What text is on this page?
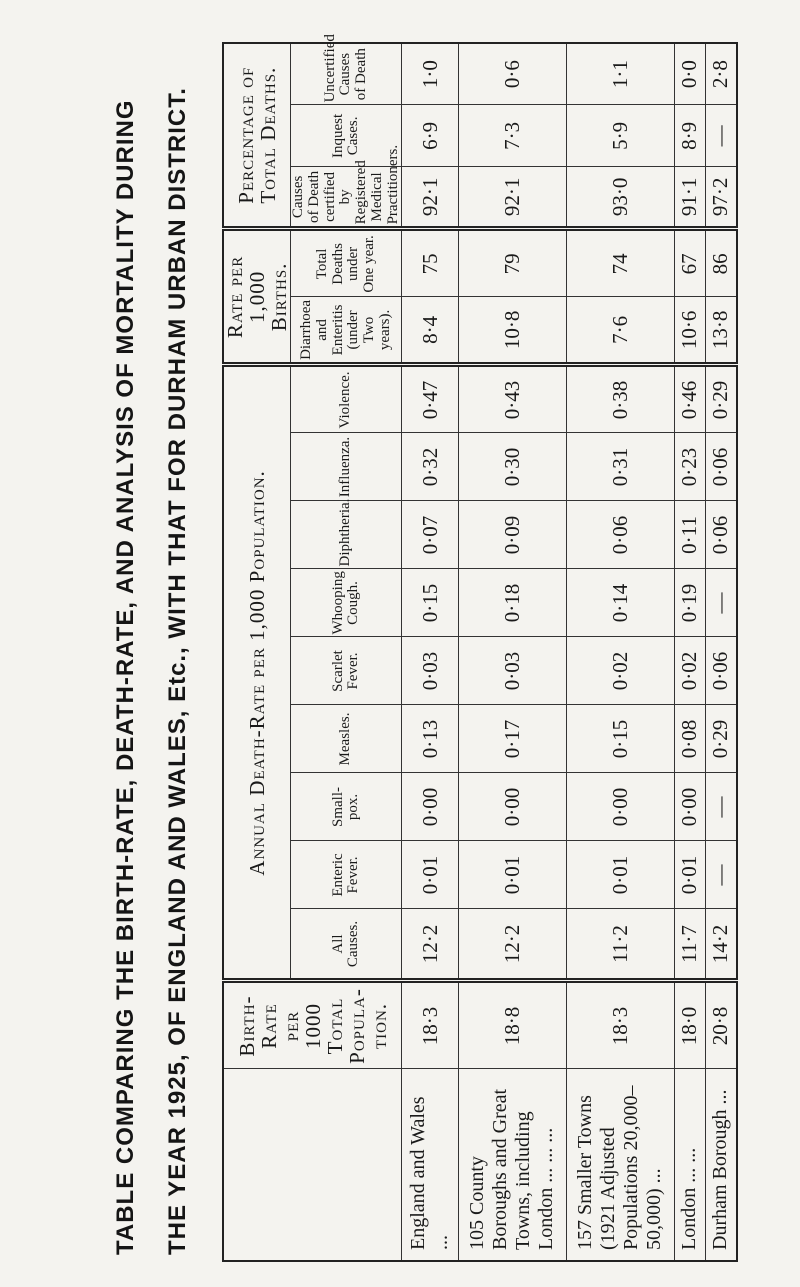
TABLE COMPARING THE BIRTH-RATE, DEATH-RATE, AND ANALYSIS OF MORTALITY DURING THE YEAR 1925, OF ENGLAND AND WALES, Etc., WITH THAT FOR DURHAM URBAN DISTRICT.
	Birth-Rate per 1000 Total Popula-tion.	Annual Death-Rate per 1,000 Population.									Rate per 1,000 Births.		Percentage of Total Deaths.		
		All Causes.	Enteric Fever.	Small-pox.	Measles.	Scarlet Fever.	Whooping Cough.	Diphtheria.	Influenza.	Violence.	Diarrhoea and Enteritis (under Two years).	Total Deaths under One year.	Causes of Death certified by Registered Medical Practitioners.	Inquest Cases.	Uncertified Causes of Death
England and Wales ...	18·3	12·2	0·01	0·00	0·13	0·03	0·15	0·07	0·32	0·47	8·4	75	92·1	6·9	1·0
105 County Boroughs and Great Towns, including London ... ... ...	18·8	12·2	0·01	0·00	0·17	0·03	0·18	0·09	0·30	0·43	10·8	79	92·1	7·3	0·6
157 Smaller Towns (1921 Adjusted Populations 20,000–50,000) ...	18·3	11·2	0·01	0·00	0·15	0·02	0·14	0·06	0·31	0·38	7·6	74	93·0	5·9	1·1
London ... ...	18·0	11·7	0·01	0·00	0·08	0·02	0·19	0·11	0·23	0·46	10·6	67	91·1	8·9	0·0
Durham Borough ...	20·8	14·2	—	—	0·29	0·06	—	0·06	0·06	0·29	13·8	86	97·2	—	2·8
